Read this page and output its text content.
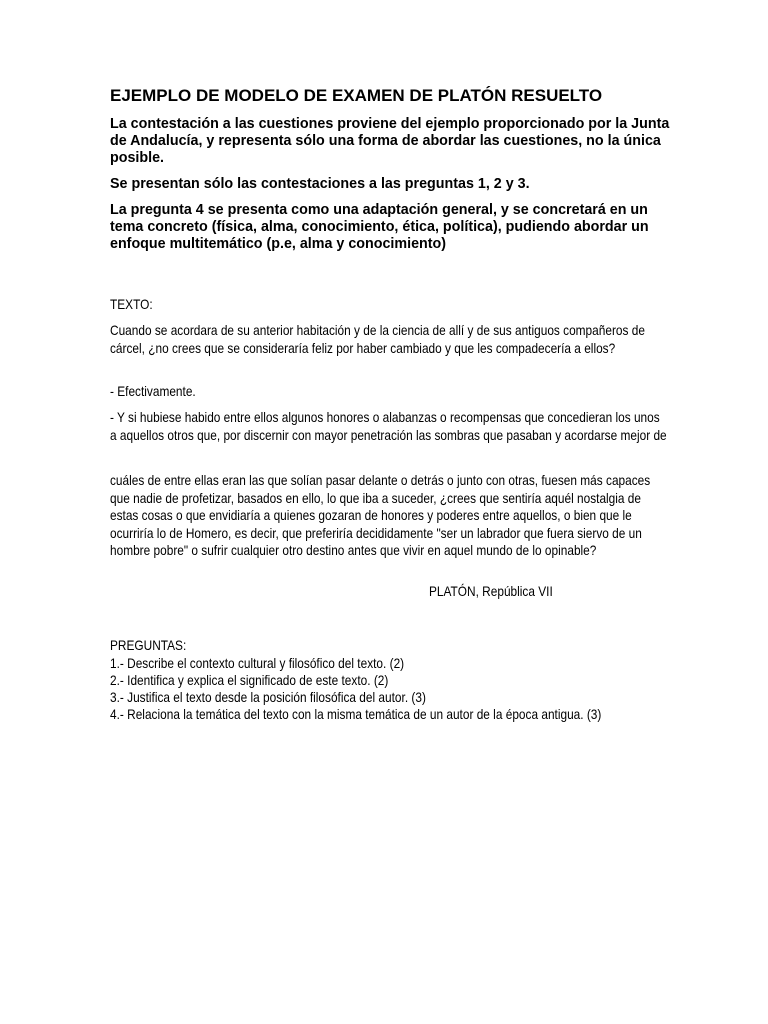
EJEMPLO DE MODELO DE EXAMEN DE PLATÓN RESUELTO

La contestación a las cuestiones proviene del ejemplo proporcionado por la Junta de Andalucía, y representa sólo una forma de abordar las cuestiones, no la única posible.

Se presentan sólo las contestaciones a las preguntas 1, 2 y 3.

La pregunta 4 se presenta como una adaptación general, y se concretará en un tema concreto (física, alma, conocimiento, ética, política), pudiendo abordar un enfoque multitemático (p.e, alma y conocimiento)

TEXTO:

Cuando se acordara de su anterior habitación y de la ciencia de allí y de sus antiguos compañeros de cárcel, ¿no crees que se consideraría feliz por haber cambiado y que les compadecería a ellos?

- Efectivamente.

- Y si hubiese habido entre ellos algunos honores o alabanzas o recompensas que concedieran los unos a aquellos otros que, por discernir con mayor penetración las sombras que pasaban y acordarse mejor de

cuáles de entre ellas eran las que solían pasar delante o detrás o junto con otras, fuesen más capaces que nadie de profetizar, basados en ello, lo que iba a suceder, ¿crees que sentiría aquél nostalgia de estas cosas o que envidiaría a quienes gozaran de honores y poderes entre aquellos, o bien que le ocurriría lo de Homero, es decir, que preferiría decididamente "ser un labrador que fuera siervo de un hombre pobre" o sufrir cualquier otro destino antes que vivir en aquel mundo de lo opinable?

PLATÓN, República VII

PREGUNTAS:

1.- Describe el contexto cultural y filosófico del texto. (2)

2.- Identifica y explica el significado de este texto. (2)

3.- Justifica el texto desde la posición filosófica del autor. (3)

4.- Relaciona la temática del texto con la misma temática de un autor de la época antigua. (3)
